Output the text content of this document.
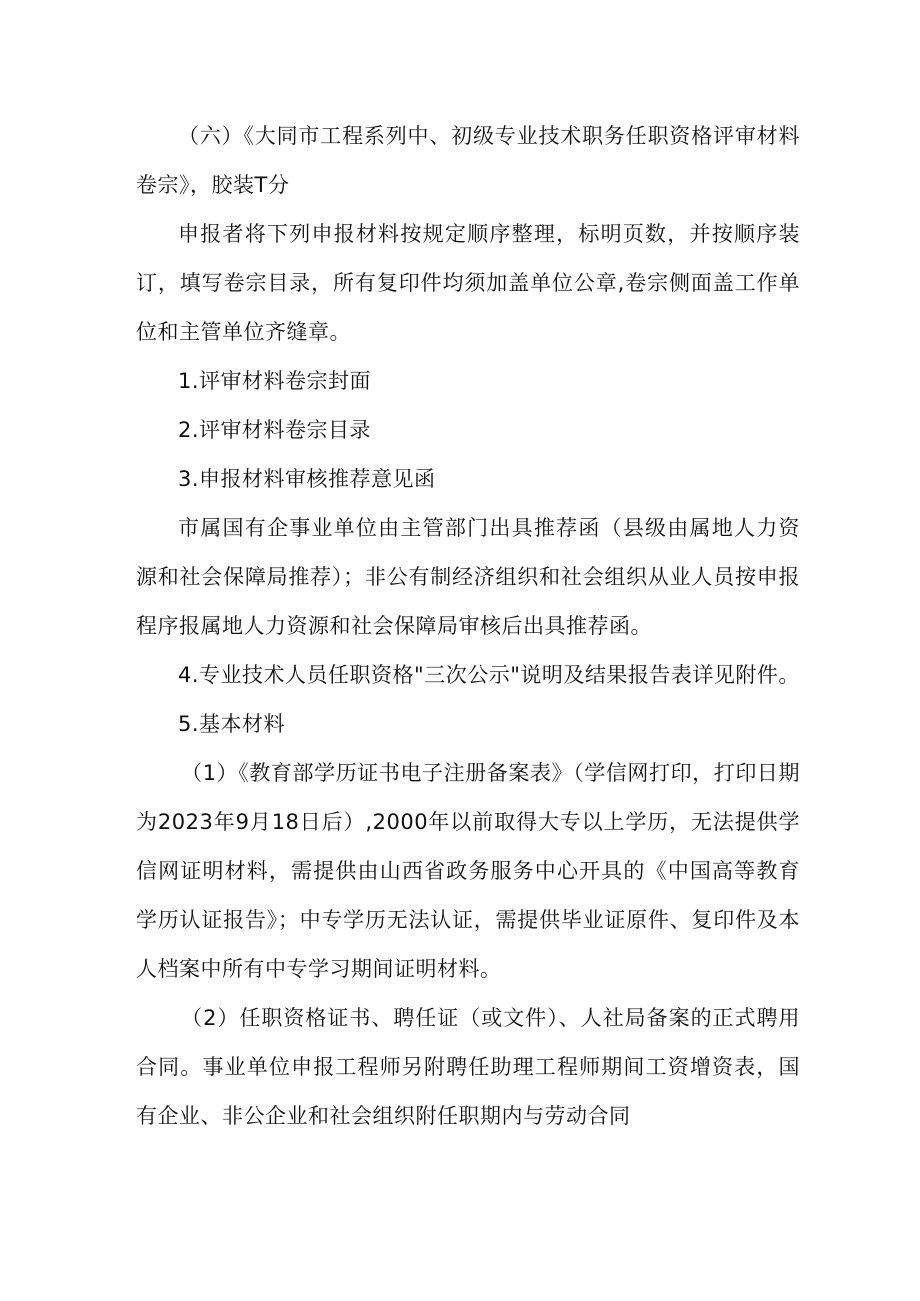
（六）《大同市工程系列中、初级专业技术职务任职资格评审材料卷宗》，胶装T分

申报者将下列申报材料按规定顺序整理，标明页数，并按顺序装订，填写卷宗目录，所有复印件均须加盖单位公章,卷宗侧面盖工作单位和主管单位齐缝章。

1.评审材料卷宗封面

2.评审材料卷宗目录

3.申报材料审核推荐意见函

市属国有企事业单位由主管部门出具推荐函（县级由属地人力资源和社会保障局推荐）；非公有制经济组织和社会组织从业人员按申报程序报属地人力资源和社会保障局审核后出具推荐函。

4.专业技术人员任职资格"三次公示"说明及结果报告表详见附件。

5.基本材料

（1）《教育部学历证书电子注册备案表》（学信网打印，打印日期为2023年9月18日后）,2000年以前取得大专以上学历，无法提供学信网证明材料，需提供由山西省政务服务中心开具的《中国高等教育学历认证报告》；中专学历无法认证，需提供毕业证原件、复印件及本人档案中所有中专学习期间证明材料。

（2）任职资格证书、聘任证（或文件）、人社局备案的正式聘用合同。事业单位申报工程师另附聘任助理工程师期间工资增资表，国有企业、非公企业和社会组织附任职期内与劳动合同
